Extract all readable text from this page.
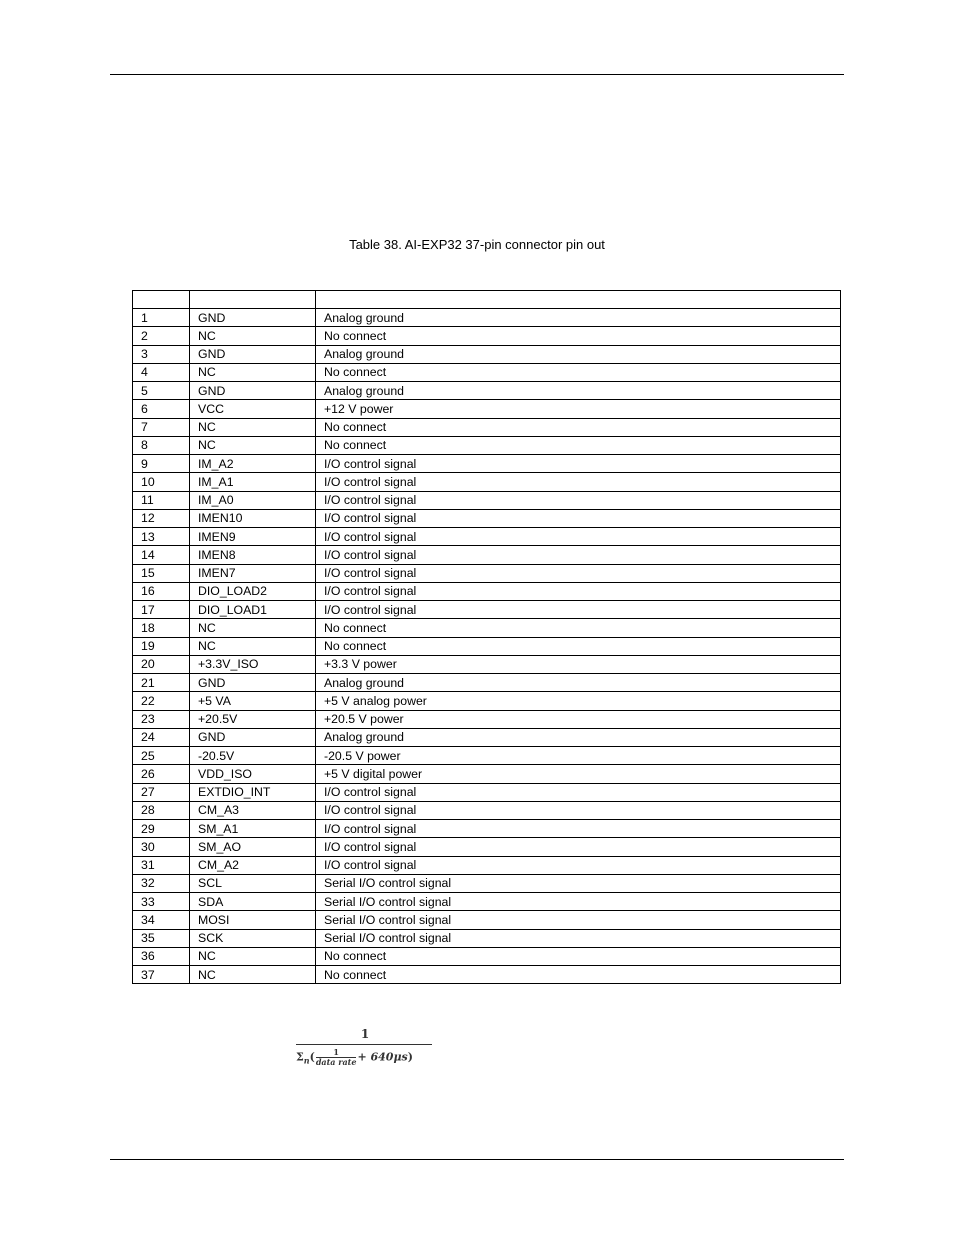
Table 38. AI-EXP32 37-pin connector pin out

1	GND	Analog ground
2	NC	No connect
3	GND	Analog ground
4	NC	No connect
5	GND	Analog ground
6	VCC	+12 V power
7	NC	No connect
8	NC	No connect
9	IM_A2	I/O control signal
10	IM_A1	I/O control signal
11	IM_A0	I/O control signal
12	IMEN10	I/O control signal
13	IMEN9	I/O control signal
14	IMEN8	I/O control signal
15	IMEN7	I/O control signal
16	DIO_LOAD2	I/O control signal
17	DIO_LOAD1	I/O control signal
18	NC	No connect
19	NC	No connect
20	+3.3V_ISO	+3.3 V power
21	GND	Analog ground
22	+5 VA	+5 V analog power
23	+20.5V	+20.5 V power
24	GND	Analog ground
25	-20.5V	-20.5 V power
26	VDD_ISO	+5 V digital power
27	EXTDIO_INT	I/O control signal
28	CM_A3	I/O control signal
29	SM_A1	I/O control signal
30	SM_AO	I/O control signal
31	CM_A2	I/O control signal
32	SCL	Serial I/O control signal
33	SDA	Serial I/O control signal
34	MOSI	Serial I/O control signal
35	SCK	Serial I/O control signal
36	NC	No connect
37	NC	No connect
1
$\Sigma_n( \frac{1}{\text{data rate}} + 640\mu s)$
